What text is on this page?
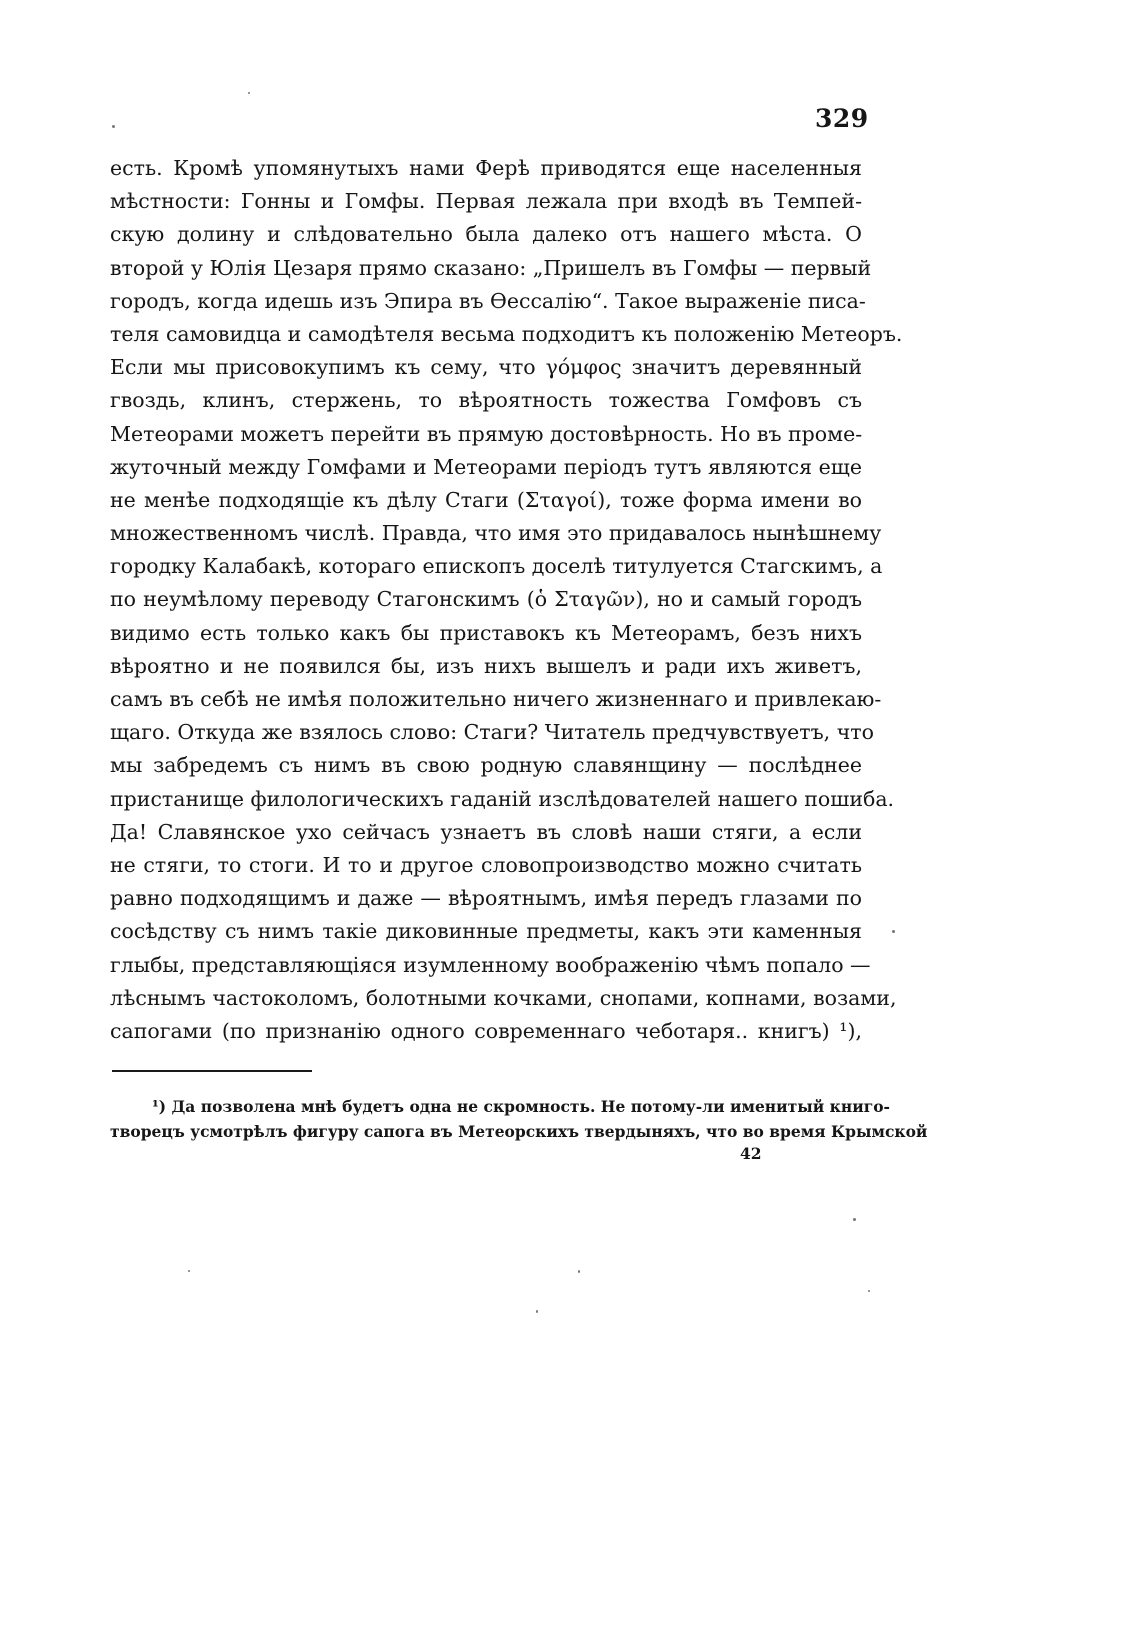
329
есть. Кромѣ упомянутыхъ нами Ферѣ приводятся еще населенныя
мѣстности: Гонны и Гомфы. Первая лежала при входѣ въ Темпей-
скую долину и слѣдовательно была далеко отъ нашего мѣста. О
второй у Юлія Цезаря прямо сказано: „Пришелъ въ Гомфы — первый
городъ, когда идешь изъ Эпира въ Ѳессалію“. Такое выраженіе писа-
теля самовидца и самодѣтеля весьма подходитъ къ положенію Метеоръ.
Если мы присовокупимъ къ сему, что γόμφος значитъ деревянный
гвоздь, клинъ, стержень, то вѣроятность тожества Гомфовъ съ
Метеорами можетъ перейти въ прямую достовѣрность. Но въ проме-
жуточный между Гомфами и Метеорами періодъ тутъ являются еще
не менѣе подходящіе къ дѣлу Стаги (Σταγοί), тоже форма имени во
множественномъ числѣ. Правда, что имя это придавалось нынѣшнему
городку Калабакѣ, котораго епископъ доселѣ титулуется Стагскимъ, а
по неумѣлому переводу Стагонскимъ (ὁ Σταγῶν), но и самый городъ
видимо есть только какъ бы приставокъ къ Метеорамъ, безъ нихъ
вѣроятно и не появился бы, изъ нихъ вышелъ и ради ихъ живетъ,
самъ въ себѣ не имѣя положительно ничего жизненнаго и привлекаю-
щаго. Откуда же взялось слово: Стаги? Читатель предчувствуетъ, что
мы забредемъ съ нимъ въ свою родную славянщину — послѣднее
пристанище филологическихъ гаданій изслѣдователей нашего пошиба.
Да! Славянское ухо сейчасъ узнаетъ въ словѣ наши стяги, а если
не стяги, то стоги. И то и другое словопроизводство можно считать
равно подходящимъ и даже — вѣроятнымъ, имѣя передъ глазами по
сосѣдству съ нимъ такіе диковинные предметы, какъ эти каменныя
глыбы, представляющіяся изумленному воображенію чѣмъ попало —
лѣснымъ частоколомъ, болотными кочками, снопами, копнами, возами,
сапогами (по признанію одного современнаго чеботаря.. книгъ) ¹),
¹) Да позволена мнѣ будетъ одна не скромность. Не потому-ли именитый книго-
творецъ усмотрѣлъ фигуру сапога въ Метеорскихъ твердыняхъ, что во время Крымской
42
